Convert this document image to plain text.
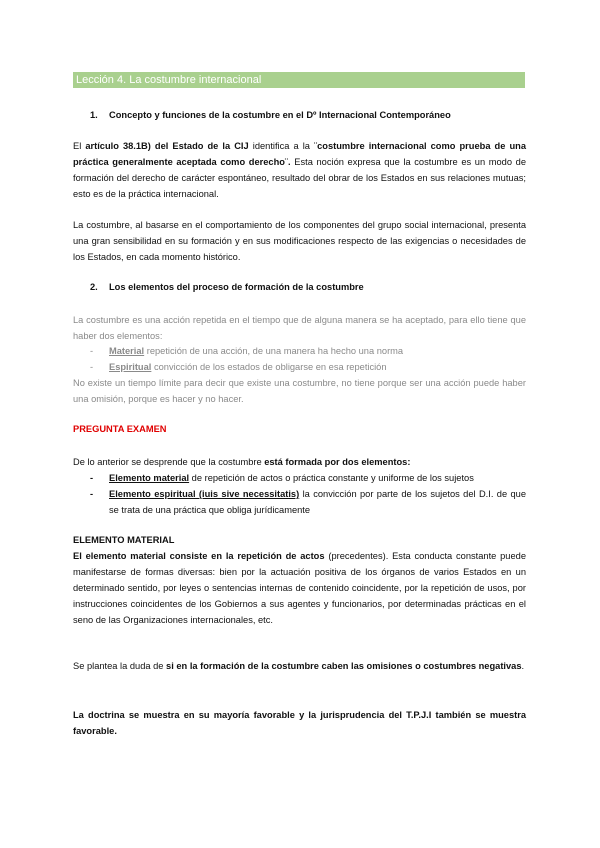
Lección 4. La costumbre internacional
1. Concepto y funciones de la costumbre en el Dº Internacional Contemporáneo
El artículo 38.1B) del Estado de la CIJ identifica a la ¨costumbre internacional como prueba de una práctica generalmente aceptada como derecho¨. Esta noción expresa que la costumbre es un modo de formación del derecho de carácter espontáneo, resultado del obrar de los Estados en sus relaciones mutuas; esto es de la práctica internacional.
La costumbre, al basarse en el comportamiento de los componentes del grupo social internacional, presenta una gran sensibilidad en su formación y en sus modificaciones respecto de las exigencias o necesidades de los Estados, en cada momento histórico.
2. Los elementos del proceso de formación de la costumbre
La costumbre es una acción repetida en el tiempo que de alguna manera se ha aceptado, para ello tiene que haber dos elementos:
- Material repetición de una acción, de una manera ha hecho una norma
- Espiritual convicción de los estados de obligarse en esa repetición
No existe un tiempo límite para decir que existe una costumbre, no tiene porque ser una acción puede haber una omisión, porque es hacer y no hacer.
PREGUNTA EXAMEN
De lo anterior se desprende que la costumbre está formada por dos elementos:
- Elemento material de repetición de actos o práctica constante y uniforme de los sujetos
- Elemento espiritual (iuis sive necessitatis) la convicción por parte de los sujetos del D.I. de que se trata de una práctica que obliga jurídicamente
ELEMENTO MATERIAL
El elemento material consiste en la repetición de actos (precedentes). Esta conducta constante puede manifestarse de formas diversas: bien por la actuación positiva de los órganos de varios Estados en un determinado sentido, por leyes o sentencias internas de contenido coincidente, por la repetición de usos, por instrucciones coincidentes de los Gobiernos a sus agentes y funcionarios, por determinadas prácticas en el seno de las Organizaciones internacionales, etc.
Se plantea la duda de si en la formación de la costumbre caben las omisiones o costumbres negativas.
La doctrina se muestra en su mayoría favorable y la jurisprudencia del T.P.J.I también se muestra favorable.
